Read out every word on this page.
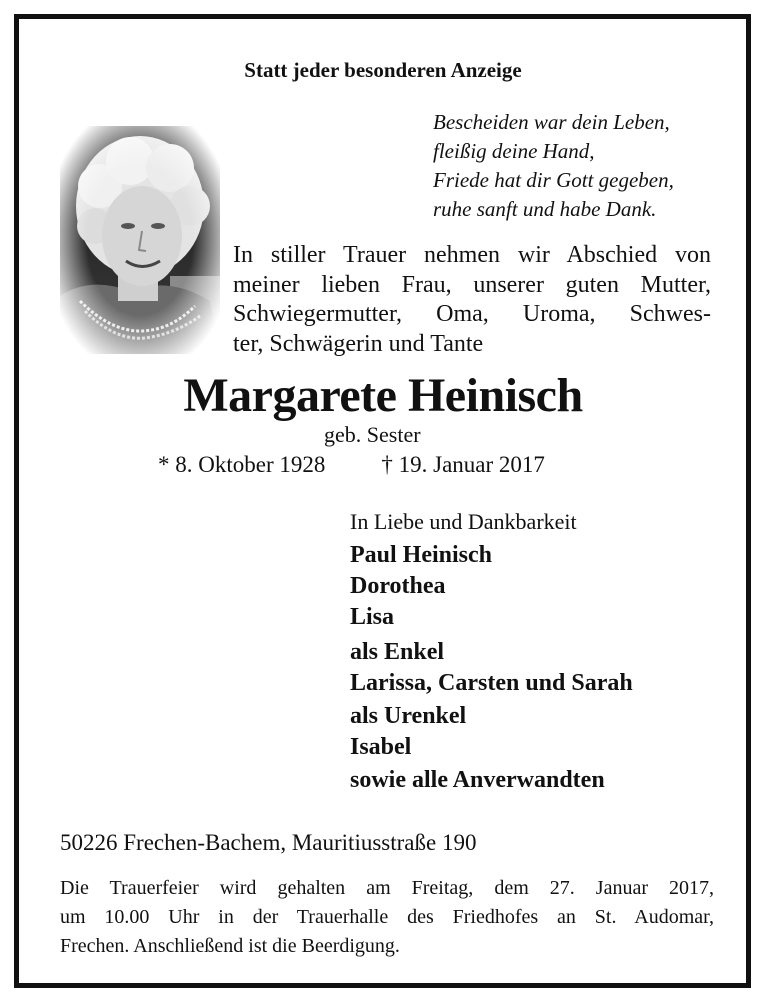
Statt jeder besonderen Anzeige
Bescheiden war dein Leben,
fleißig deine Hand,
Friede hat dir Gott gegeben,
ruhe sanft und habe Dank.
In stiller Trauer nehmen wir Abschied von
meiner lieben Frau, unserer guten Mutter,
Schwiegermutter, Oma, Uroma, Schwes-
ter, Schwägerin und Tante
Margarete Heinisch
geb. Sester
* 8. Oktober 1928 † 19. Januar 2017
In Liebe und Dankbarkeit
Paul Heinisch
Dorothea
Lisa
als Enkel
Larissa, Carsten und Sarah
als Urenkel
Isabel
sowie alle Anverwandten
50226 Frechen-Bachem, Mauritiusstraße 190
Die Trauerfeier wird gehalten am Freitag, dem 27. Januar 2017,
um 10.00 Uhr in der Trauerhalle des Friedhofes an St. Audomar,
Frechen. Anschließend ist die Beerdigung.
